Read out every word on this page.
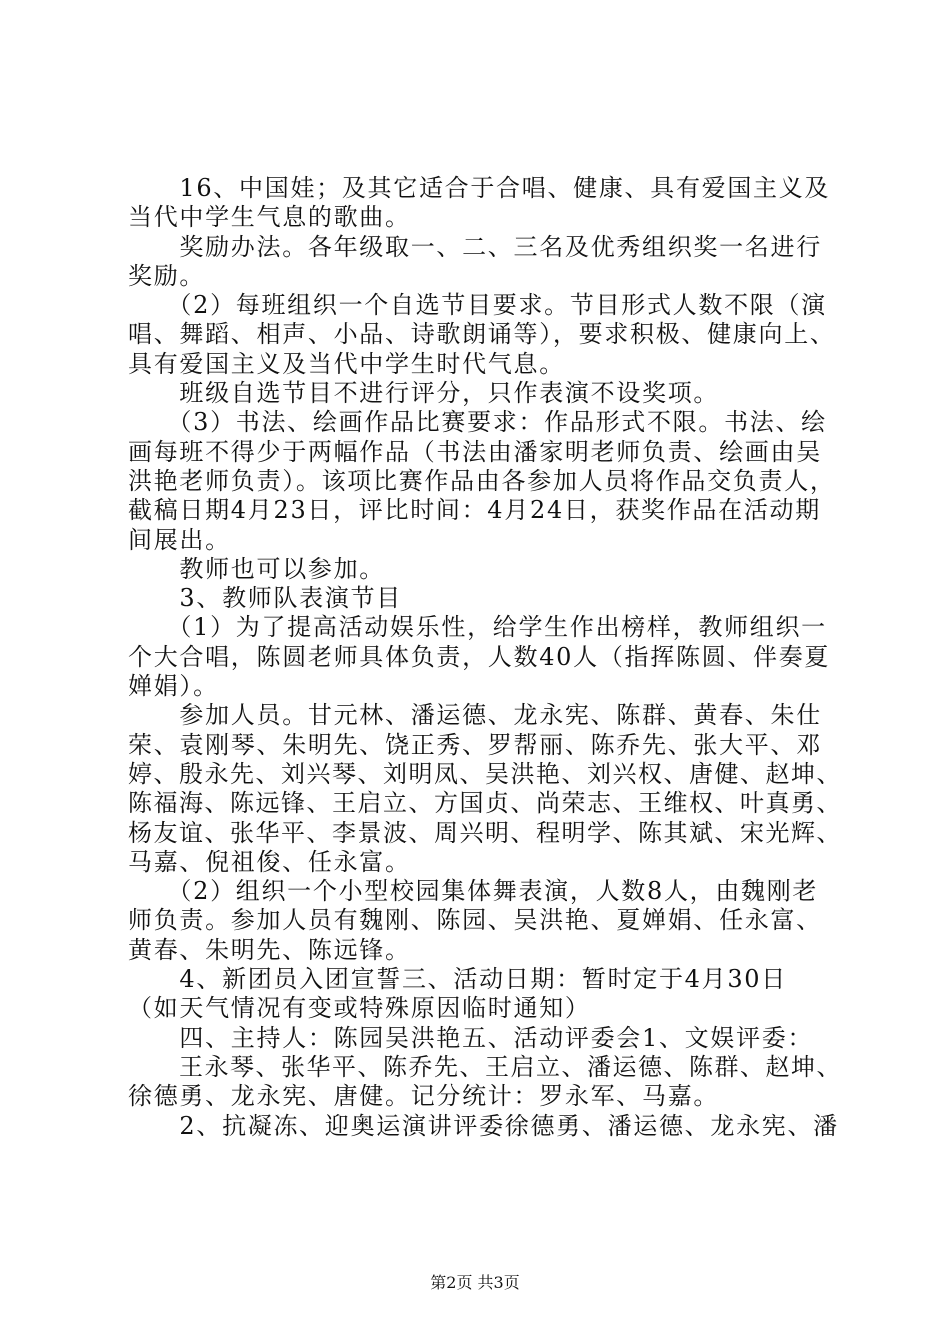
　　16、中国娃；及其它适合于合唱、健康、具有爱国主义及
当代中学生气息的歌曲。
　　奖励办法。各年级取一、二、三名及优秀组织奖一名进行
奖励。
　　（2）每班组织一个自选节目要求。节目形式人数不限（演
唱、舞蹈、相声、小品、诗歌朗诵等），要求积极、健康向上、
具有爱国主义及当代中学生时代气息。
　　班级自选节目不进行评分，只作表演不设奖项。
　　（3）书法、绘画作品比赛要求：作品形式不限。书法、绘
画每班不得少于两幅作品（书法由潘家明老师负责、绘画由吴
洪艳老师负责）。该项比赛作品由各参加人员将作品交负责人，
截稿日期4月23日，评比时间：4月24日，获奖作品在活动期
间展出。
　　教师也可以参加。
　　3、教师队表演节目
　　（1）为了提高活动娱乐性，给学生作出榜样，教师组织一
个大合唱，陈圆老师具体负责，人数40人（指挥陈圆、伴奏夏
婵娟）。
　　参加人员。甘元林、潘运德、龙永宪、陈群、黄春、朱仕
荣、袁刚琴、朱明先、饶正秀、罗帮丽、陈乔先、张大平、邓
婷、殷永先、刘兴琴、刘明凤、吴洪艳、刘兴权、唐健、赵坤、
陈福海、陈远锋、王启立、方国贞、尚荣志、王维权、叶真勇、
杨友谊、张华平、李景波、周兴明、程明学、陈其斌、宋光辉、
马嘉、倪祖俊、任永富。
　　（2）组织一个小型校园集体舞表演，人数8人，由魏刚老
师负责。参加人员有魏刚、陈园、吴洪艳、夏婵娟、任永富、
黄春、朱明先、陈远锋。
　　4、新团员入团宣誓三、活动日期：暂时定于4月30日
（如天气情况有变或特殊原因临时通知）
　　四、主持人：陈园吴洪艳五、活动评委会1、文娱评委：
　　王永琴、张华平、陈乔先、王启立、潘运德、陈群、赵坤、
徐德勇、龙永宪、唐健。记分统计：罗永军、马嘉。
　　2、抗凝冻、迎奥运演讲评委徐德勇、潘运德、龙永宪、潘
第2页 共3页
